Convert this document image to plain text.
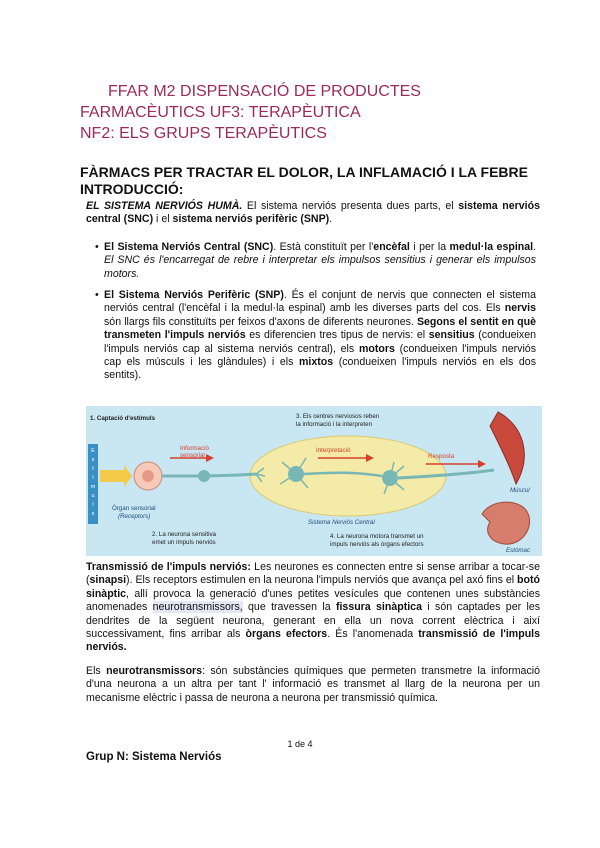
FFAR M2 DISPENSACIÓ DE PRODUCTES
FARMACÈUTICS UF3: TERAPÈUTICA
NF2: ELS GRUPS TERAPÈUTICS
FÀRMACS PER TRACTAR EL DOLOR, LA INFLAMACIÓ I LA FEBRE INTRODUCCIÓ:
EL SISTEMA NERVIÓS HUMÀ. El sistema nerviós presenta dues parts, el sistema nerviós central (SNC) i el sistema nerviós perifèric (SNP).
• El Sistema Nerviós Central (SNC). Està constituït per l'encèfal i per la medul·la espinal. El SNC és l'encarregat de rebre i interpretar els impulsos sensitius i generar els impulsos motors.
• El Sistema Nerviós Perifèric (SNP). És el conjunt de nervis que connecten el sistema nerviós central (l'encèfal i la medul·la espinal) amb les diverses parts del cos. Els nervis són llargs fils constituïts per feixos d'axons de diferents neurones. Segons el sentit en què transmeten l'impuls nerviós es diferencien tres tipus de nervis: el sensitius (condueixen l'impuls nerviós cap al sistema nerviós central), els motors (condueixen l'impuls nerviós cap els músculs i les glàndules) i els mixtos (condueixen l'impuls nerviós en els dos sentits).
E
s
t
í
m
u
l
s
1. Captació d'estímuls
Informació
sensorial
Òrgan sensorial
(Receptors)
2. La neurona sensitiva
emet un impuls nerviós
3. Els centres nerviosos reben
la informació i la interpreten
Interpretació
Sistema Nerviós Central
Resposta
4. La neurona motora transmet un
impuls nerviós als òrgans efectors
Múscul
Estómac
Transmissió de l'impuls nerviós: Les neurones es connecten entre si sense arribar a tocar-se (sinapsi). Els receptors estimulen en la neurona l'impuls nerviós que avança pel axó fins el botó sinàptic, allí provoca la generació d'unes petites vesícules que contenen unes substàncies anomenades neurotransmissors, que travessen la fissura sinàptica i són captades per les dendrites de la següent neurona, generant en ella un nova corrent elèctrica i així successivament, fins arribar als òrgans efectors. És l'anomenada transmissió de l'impuls nerviós.
Els neurotransmissors: són substàncies químiques que permeten transmetre la informació d'una neurona a un altra per tant l' informació es transmet al llarg de la neurona per un mecanisme elèctric i passa de neurona a neurona per transmissió química.
1 de 4
Grup N: Sistema Nerviós
